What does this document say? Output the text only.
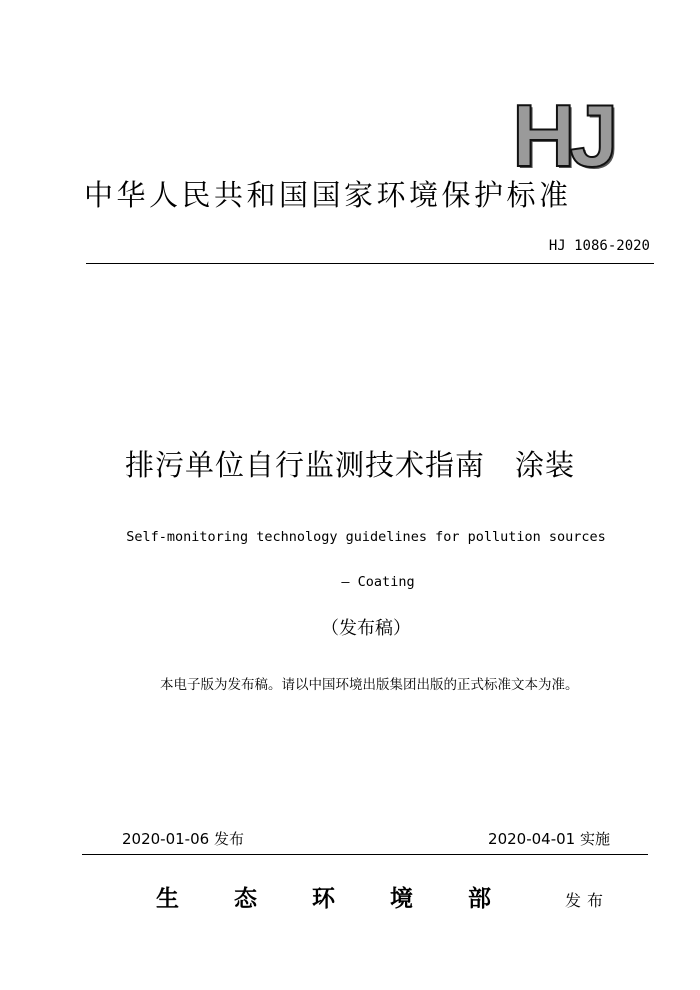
HJ
中华人民共和国国家环境保护标准
HJ 1086-2020
排污单位自行监测技术指南　涂装
Self-monitoring technology guidelines for pollution sources
— Coating
（发布稿）
本电子版为发布稿。请以中国环境出版集团出版的正式标准文本为准。
2020-01-06 发布	2020-04-01 实施
生态环境部 发布
